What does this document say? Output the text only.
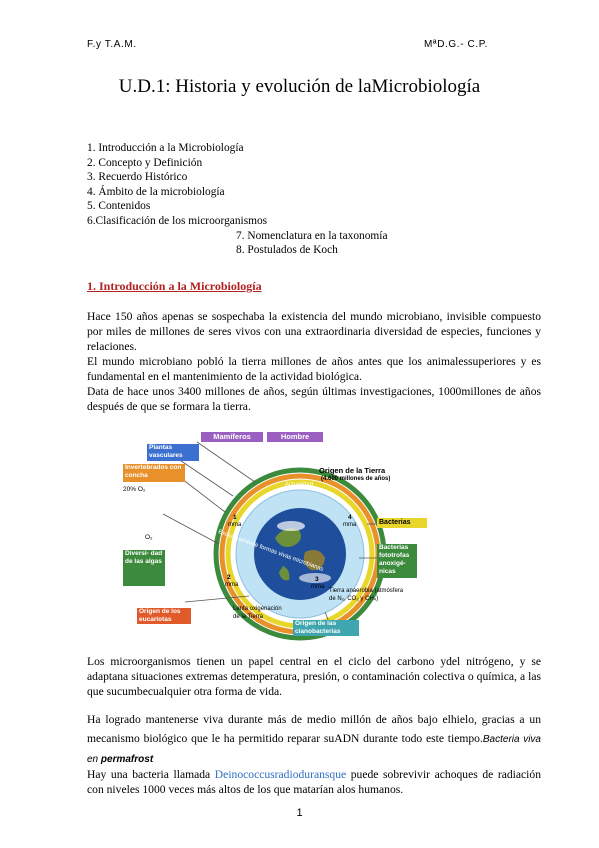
F.y T.A.M.	MªD.G.- C.P.
U.D.1: Historia y evolución de laMicrobiología
1. Introducción a la Microbiología
2. Concepto y Definición
3. Recuerdo Histórico
4. Ámbito de la microbiología
5. Contenidos
6.Clasificación de los microorganismos
7. Nomenclatura en la taxonomía
8. Postulados de Koch
1. Introducción a la Microbiología
Hace 150 años apenas se sospechaba la existencia del mundo microbiano, invisible compuesto por miles de millones de seres vivos con una extraordinaria diversidad de especies, funciones y relaciones.
El mundo microbiano pobló la tierra millones de años antes que los animalessuperiores y es fundamental en el mantenimiento de la actividad biológica.
Data de hace unos 3400 millones de años, según últimas investigaciones, 1000millones de años después de que se formara la tierra.
Mamíferos	Hombre
Plantas vasculares
Invertebrados con concha
20% O₂
O₂
Diversi- dad de las algas
Origen de los eucariotas
Origen de la Tierra
(4.600 millones de años)
Actualidad
1
mma
4
mma
2
mma
3
mma
Bacterias
Bacterias fototrofas anoxigé- nicas
Tierra anaerobia (atmósfera de N₂, CO₂ y CH₄)
Origen de las cianobacterias
Lenta oxigenación de la Tierra
Exclusivamente formas vivas microbianas
Los microorganismos tienen un papel central en el ciclo del carbono ydel nitrógeno, y se adaptana situaciones extremas detemperatura, presión, o contaminación colectiva o química, a las que sucumbecualquier otra forma de vida.
Ha logrado mantenerse viva durante más de medio millón de años bajo elhielo, gracias a un mecanismo biológico que le ha permitido reparar suADN durante todo este tiempo.Bacteria viva en permafrost
Hay una bacteria llamada Deinococcusradioduransque puede sobrevivir achoques de radiación con niveles 1000 veces más altos de los que matarían alos humanos.
1
